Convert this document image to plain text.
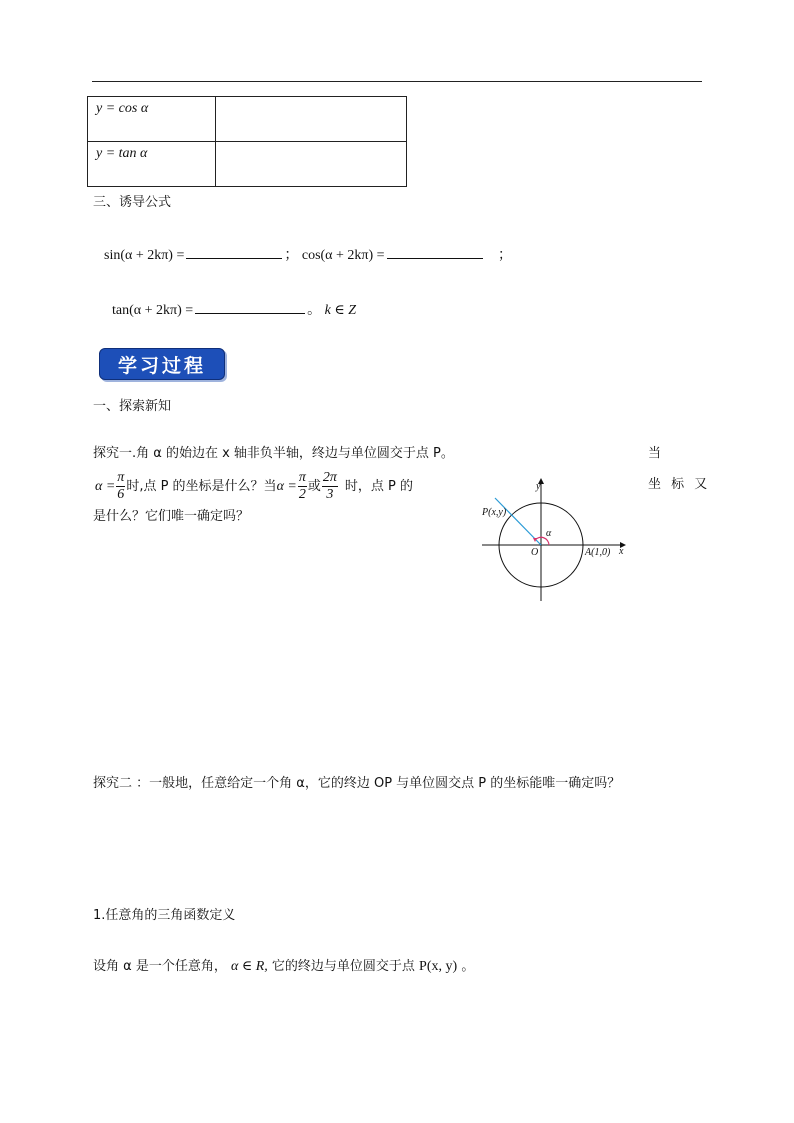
y = cos α	
y = tan α	
三、诱导公式
sin(α + 2kπ) =	； cos(α + 2kπ) =	；
tan(α + 2kπ) =	。 k ∈ Z
学习过程
一、探索新知
探究一.角 α 的始边在 x 轴非负半轴，终边与单位圆交于点 P。	当
$\alpha = \frac{\pi}{6}$ 时,点 P 的坐标是什么？当 $\alpha = \frac{\pi}{2}$ 或 $\frac{2\pi}{3}$ 时，点 P 的	坐 标 又
是什么？它们唯一确定吗？
y
x
P(x,y)
α
O	A(1,0)
探究二 ：一般地，任意给定一个角 α，它的终边 OP 与单位圆交点 P 的坐标能唯一确定吗？
1.任意角的三角函数定义
设角 α 是一个任意角， α ∈ R, 它的终边与单位圆交于点 P(x, y) 。
